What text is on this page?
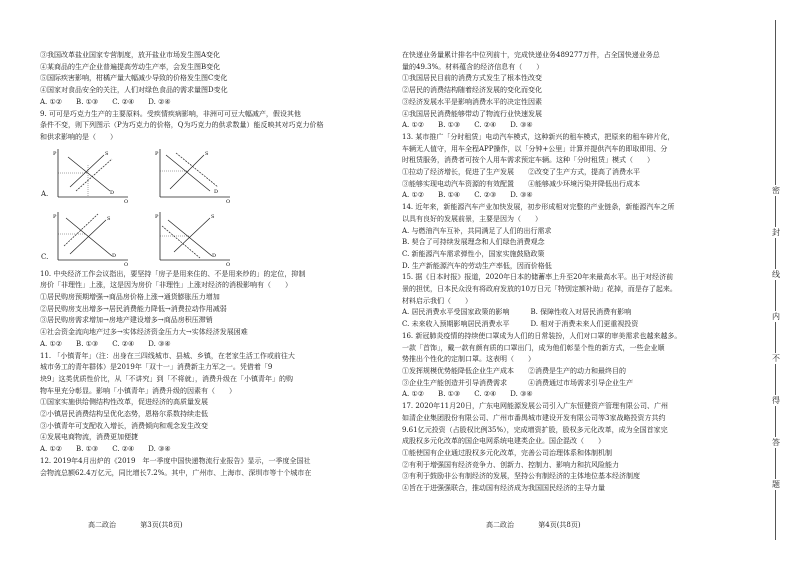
③我国改革盐业国家专营制度，放开盐业市场发生图A变化

④某商品的生产企业普遍提高劳动生产率，会发生图B变化

⑤国际疾害影响，柑橘产量大幅减少导致的价格发生图C变化

④国家对食品安全的关注，人们对绿色食品的需求量图D变化

A. ①②　　B. ①③　　C. ②④　　D. ②④

9. 可可是巧克力生产的主要原料。受疾情疾病影响，非洲可可豆大幅减产，假设其他

条件不变，则下列图示（P为巧克力的价格，Q为巧克力的供求数量）能反映其对巧克力价格

和供求影响的是（　　）

A.
P
Q
S
D
P
Q
S
D
C.
P
Q
S
D
P
Q
S
D

10. 中央经济工作会议指出，要坚持「房子是用来住的、不是用来炒的」的定位，抑制

房价「非理性」上涨，这是因为房价「非理性」上涨对经济的消极影响有（　　）

①居民购房预期增强→商品房价格上涨→通货膨胀压力增加

②居民购房支出增多→居民消费能力降低→消费拉动作用减弱

③居民购房需求增加→房地产建设增多→商品房积压滞销

④社会资金流向地产过多→实体经济资金压力大→实体经济发展困难

A. ①②　　B. ①③　　C. ②④　　D. ③④

11. 「小镇青年」（注：出身在三四线城市、县城、乡镇，在老家生活工作或前往大

城市务工的青年群体）是2019年「双十一」消费新主力军之一。凭借着「9

块9」这类优质性价比，从「不讲究」到「不将就」，消费升级在「小镇青年」的购

物车里充分彰显。影响「小镇青年」消费升级的因素有（　　）

①国家实施供给侧结构性改革，促进经济的高质量发展

②小镇居民消费结构呈优化态势，恩格尔系数持续走低

③小镇青年可支配收入增长，消费倾向和观念发生改变

④发展电商物流，消费更加便捷

A. ①②　　B. ①③　　C. ②④　　D. ③④

12. 2019年4月出炉的《2019　年一季度中国快递物流行业报告》显示，一季度全国社

会物流总额62.4万亿元，同比增长7.2%。其中，广州市、上海市、深圳市等十个城市在

在快递业务量累计排名中位列前十，完成快递业务489277万件，占全国快递业务总

量的49.3%。材料蕴含的经济信息有（　　）

①我国居民目前的消费方式发生了根本性改变

②居民的消费结构随着经济发展的变化而变化

③经济发展水平是影响消费水平的决定性因素

④我国居民消费能够带动了物流行业快速发展

A. ①②　　B. ①③　　C. ②④　　D. ③④

13. 某市推广「分时租赁」电动汽车模式，这种新兴的租车模式，把原来的租车碎片化，

车辆无人值守，用车全程APP操作，以「分钟+公里」计算并提供汽车的即取即用、分

时租赁服务，消费者可按个人用车需求预定车辆。这种「分时租赁」模式（　　）

①拉动了经济增长，促进了生产发展　　②改变了生产方式，提高了消费水平

③能够实现电动汽车资源的有效配置　　④能够减少环境污染并降低出行成本

A. ①②　　B. ①④　　C. ②③　　D. ③④

14. 近年来，新能源汽车产业加快发展，初步形成相对完整的产业链条，新能源汽车之所

以具有良好的发展前景，主要是因为（　　）

A. 与燃油汽车互补，共同满足了人们的出行需求

B. 契合了可持续发展理念和人们绿色消费观念

C. 新能源汽车需求弹性小，国家实施鼓励政策

D. 生产新能源汽车的劳动生产率低，因而价格低

15. 据《日本时报》报道，2020年日本的储蓄率上升至20年来最高水平。出于对经济前

景的担忧，日本民众没有将政府发放的10万日元「特别定额补助」花掉，而是存了起来。

材料启示我们（　　）

A. 居民消费水平受国家政策的影响　　　B. 保障性收入对居民消费有影响

C. 未来收入预期影响居民消费水平　　　D. 相对于消费未来人们更重视投资

16. 新冠肺炎疫情的持续使口罩成为人们的日常装扮，人们对口罩的审美需求也越来越多。

一款「首饰」，戴一款有颜有质的口罩出门，成为他们彰显个性的新方式，一些企业顺

势推出个性化的定制口罩。这表明（　　）

①发挥规模优势能降低企业生产成本　　②消费是生产的动力和最终目的

③企业生产能创造并引导消费需求　　　④消费通过市场需求引导企业生产

A. ①②　　B. ①③　　C. ②④　　D. ③④

17. 2020年11月20日，广东电网能源发展公司引入广东恒健资产管理有限公司、广州

如清企业集团股份有限公司、广州市番禺城市建设开发有限公司等3家战略投资方共约

9.61亿元投资（占股权比例35%），完成增资扩股，股权多元化改革，成为全国首家完

成股权多元化改革的国企电网系统电建类企业。国企混改（　　）

①能使国有企业通过股权多元化改革，完善公司治理体系和体制机制

②有利于增强国有经济竞争力、创新力、控制力、影响力和抗风险能力

③有利于鼓励非公有制经济的发展，坚持公有制经济的主体地位基本经济制度

④旨在于进强强联合，推动国有经济成为我国国民经济的主导力量

高二政治	第3页(共8页)	高二政治	第4页(共8页)
密
封
线
内
不
得
答
题
